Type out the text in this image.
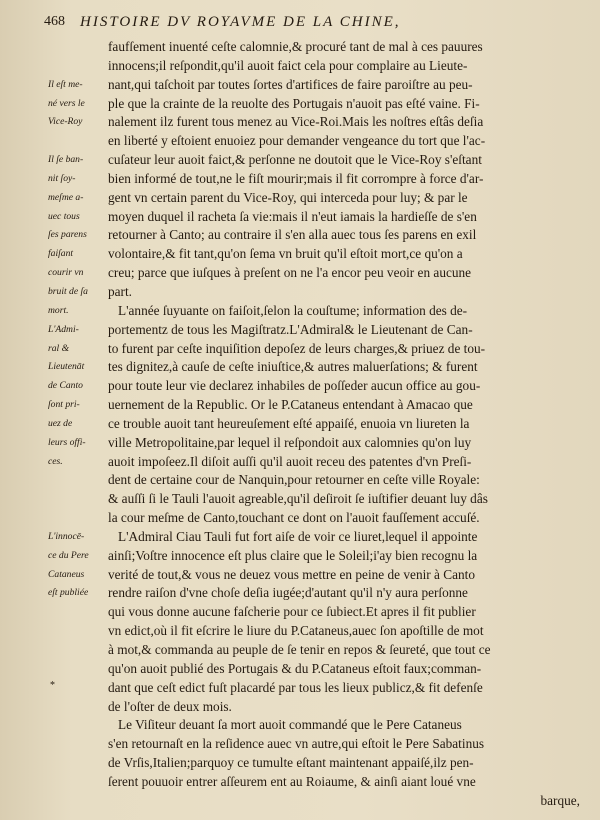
468 HISTOIRE DV ROYAVME DE LA CHINE,
Il eſt me-
né vers le
Vice-Roy
Il ſe ban-
nit ſoy-
meſme a-
uec tous
ſes parens
faiſant
courir vn
bruit de ſa
mort.
L'Admi-
ral &
Lieutenāt
de Canto
ſont pri-
uez de
leurs offi-
ces.
L'innocē-
ce du Pere
Cataneus
eſt publiée
faufſement inuenté ceſte calomnie,& procuré tant de mal à ces pauures
innocens;il reſpondit,qu'il auoit faict cela pour complaire au Lieute-
nant,qui taſchoit par toutes ſortes d'artifices de faire paroiſtre au peu-
ple que la crainte de la reuolte des Portugais n'auoit pas eſté vaine. Fi-
nalement ilz furent tous menez au Vice-Roi.Mais les noſtres eſtâs deſia
en liberté y eſtoient enuoiez pour demander vengeance du tort que l'ac-
cuſateur leur auoit faict,& perſonne ne doutoit que le Vice-Roy s'eſtant
bien informé de tout,ne le fiſt mourir;mais il fit corrompre à force d'ar-
gent vn certain parent du Vice-Roy, qui interceda pour luy; & par le
moyen duquel il racheta ſa vie:mais il n'eut iamais la hardieſſe de s'en
retourner à Canto; au contraire il s'en alla auec tous ſes parens en exil
volontaire,& fit tant,qu'on ſema vn bruit qu'il eſtoit mort,ce qu'on a
creu; parce que iuſques à preſent on ne l'a encor peu veoir en aucune
part.
L'année ſuyuante on faiſoit,ſelon la couſtume; information des de-
portementz de tous les Magiſtratz.L'Admiral& le Lieutenant de Can-
to furent par ceſte inquiſition depoſez de leurs charges,& priuez de tou-
tes dignitez,à cauſe de ceſte iniuſtice,& autres maluerſations; & furent
pour toute leur vie declarez inhabiles de poſſeder aucun office au gou-
uernement de la Republic. Or le P.Cataneus entendant à Amacao que
ce trouble auoit tant heureuſement eſté appaiſé, enuoia vn liureten la
ville Metropolitaine,par lequel il reſpondoit aux calomnies qu'on luy
auoit impoſeez.Il diſoit auſſi qu'il auoit receu des patentes d'vn Preſi-
dent de certaine cour de Nanquin,pour retourner en ceſte ville Royale:
& auſſi ſi le Tauli l'auoit agreable,qu'il deſiroit ſe iuſtifier deuant luy dâs
la cour meſme de Canto,touchant ce dont on l'auoit fauſſement accuſé.
L'Admiral Ciau Tauli fut fort aiſe de voir ce liuret,lequel il appointe
ainſi;Voſtre innocence eſt plus claire que le Soleil;i'ay bien recognu la
verité de tout,& vous ne deuez vous mettre en peine de venir à Canto
rendre raiſon d'vne choſe deſia iugée;d'autant qu'il n'y aura perſonne
qui vous donne aucune faſcherie pour ce ſubiect.Et apres il fit publier
vn edict,où il fit eſcrire le liure du P.Cataneus,auec ſon apoſtille de mot
à mot,& commanda au peuple de ſe tenir en repos & ſeureté, que tout ce
qu'on auoit publié des Portugais & du P.Cataneus eſtoit faux;comman-
dant que ceſt edict fuſt placardé par tous les lieux publicz,& fit defenſe
de l'oſter de deux mois.
Le Viſiteur deuant ſa mort auoit commandé que le Pere Cataneus
s'en retournaſt en la reſidence auec vn autre,qui eſtoit le Pere Sabatinus
de Vrſis,Italien;parquoy ce tumulte eſtant maintenant appaiſé,ilz pen-
ſerent pouuoir entrer aſſeurem ent au Roiaume, & ainſi aiant loué vne
barque,
*
